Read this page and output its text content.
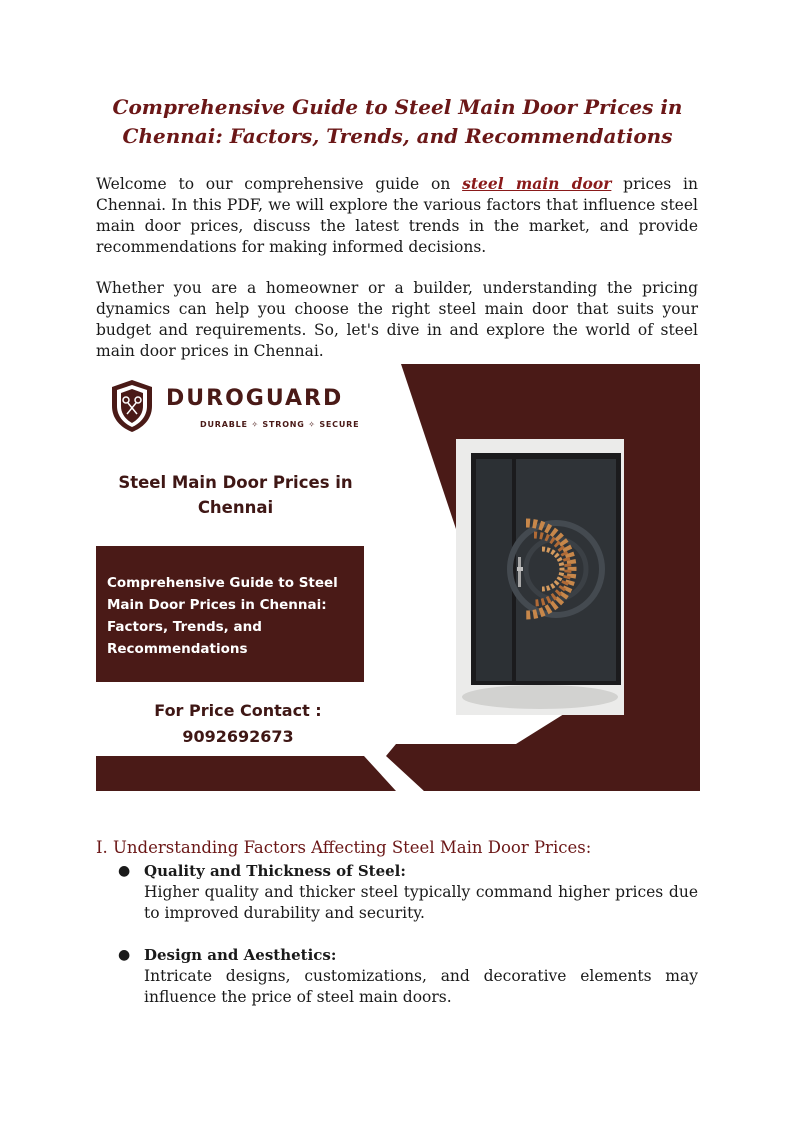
Comprehensive Guide to Steel Main Door Prices in Chennai: Factors, Trends, and Recommendations

Welcome to our comprehensive guide on steel main door prices in Chennai. In this PDF, we will explore the various factors that influence steel main door prices, discuss the latest trends in the market, and provide recommendations for making informed decisions.

Whether you are a homeowner or a builder, understanding the pricing dynamics can help you choose the right steel main door that suits your budget and requirements. So, let's dive in and explore the world of steel main door prices in Chennai.

DUROGUARD
DURABLE ✧ STRONG ✧ SECURE
Steel Main Door Prices in Chennai
Comprehensive Guide to Steel Main Door Prices in Chennai: Factors, Trends, and Recommendations
For Price Contact :
9092692673
I. Understanding Factors Affecting Steel Main Door Prices:
● Quality and Thickness of Steel:

Higher quality and thicker steel typically command higher prices due to improved durability and security.

● Design and Aesthetics:

Intricate designs, customizations, and decorative elements may influence the price of steel main doors.
